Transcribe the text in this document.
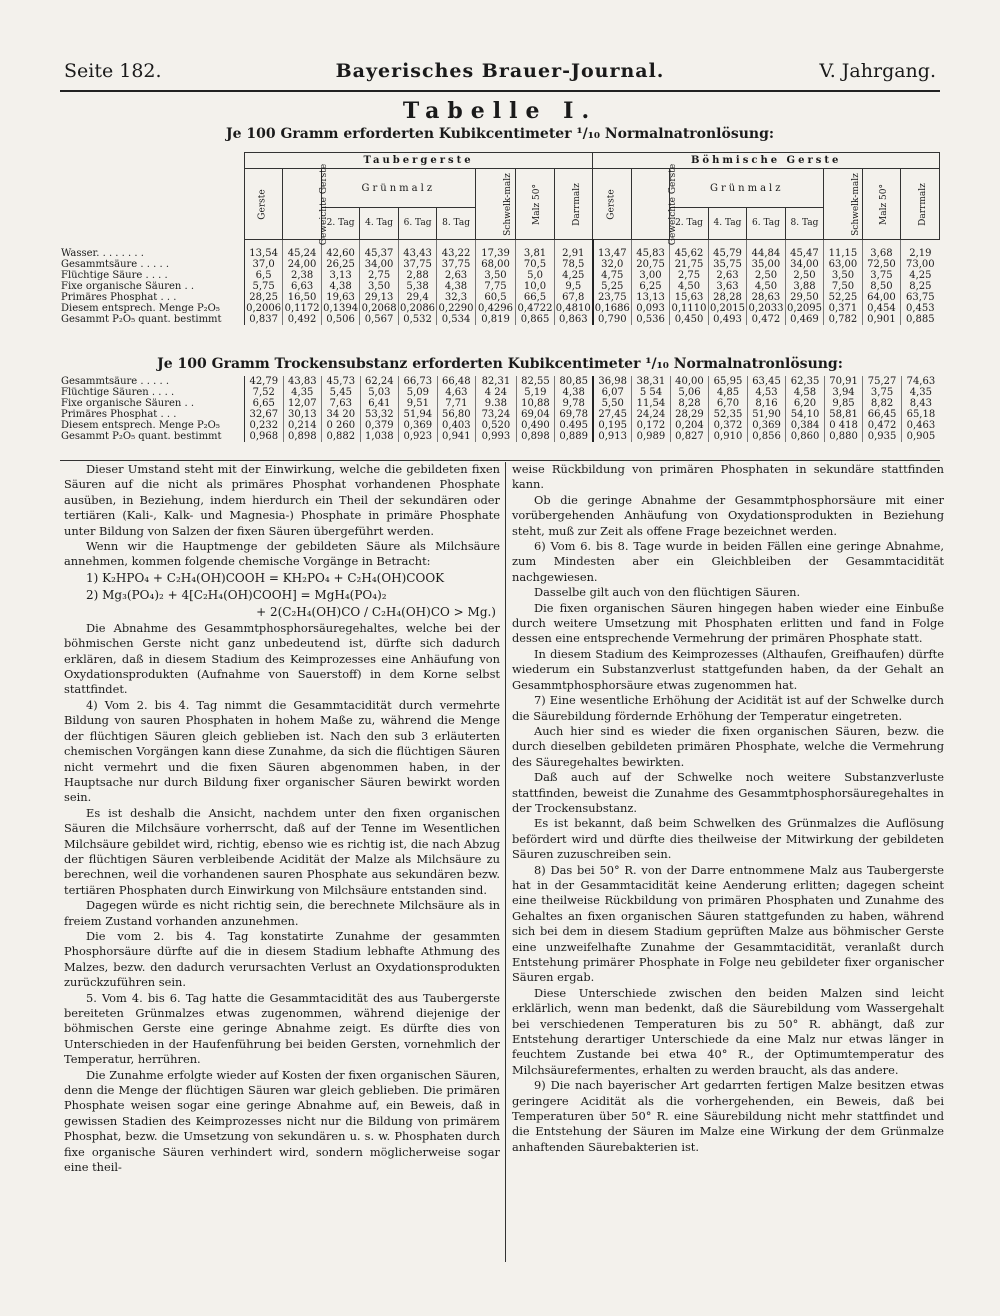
Seite 182.	Bayerisches Brauer-Journal.	V. Jahrgang.
Tabelle I.
Je 100 Gramm erforderten Kubikcentimeter ¹/₁₀ Normalnatronlösung:
	Taubergerste									Böhmische Gerste								
	Gerste	Geweichte Gerste	Grünmalz				Schwelk-malz	Malz 50°	Darrmalz	Gerste	Geweichte Gerste	Grünmalz				Schwelk-malz	Malz 50°	Darrmalz
			2. Tag	4. Tag	6. Tag	8. Tag						2. Tag	4. Tag	6. Tag	8. Tag			
Wasser. . . . . . . .	13,54	45,24	42,60	45,37	43,43	43,22	17,39	3,81	2,91	13,47	45,83	45,62	45,79	44,84	45,47	11,15	3,68	2,19
Gesammtsäure . . . . .	37,0	24,00	26,25	34,00	37,75	37,75	68,00	70,5	78,5	32,0	20,75	21,75	35,75	35,00	34,00	63,00	72,50	73,00
Flüchtige Säure . . . .	6,5	2,38	3,13	2,75	2,88	2,63	3,50	5,0	4,25	4,75	3,00	2,75	2,63	2,50	2,50	3,50	3,75	4,25
Fixe organische Säuren . .	5,75	6,63	4,38	3,50	5,38	4,38	7,75	10,0	9,5	5,25	6,25	4,50	3,63	4,50	3,88	7,50	8,50	8,25
Primäres Phosphat . . .	28,25	16,50	19,63	29,13	29,4	32,3	60,5	66,5	67,8	23,75	13,13	15,63	28,28	28,63	29,50	52,25	64,00	63,75
Diesem entsprech. Menge P₂O₅	0,2006	0,1172	0,1394	0,2068	0,2086	0,2290	0,4296	0,4722	0,4810	0,1686	0,093	0,1110	0,2015	0,2033	0,2095	0,371	0,454	0,453
Gesammt P₂O₅ quant. bestimmt	0,837	0,492	0,506	0,567	0,532	0,534	0,819	0,865	0,863	0,790	0,536	0,450	0,493	0,472	0,469	0,782	0,901	0,885
Je 100 Gramm Trockensubstanz erforderten Kubikcentimeter ¹/₁₀ Normalnatronlösung:
Gesammtsäure . . . . .	42,79	43,83	45,73	62,24	66,73	66,48	82,31	82,55	80,85	36,98	38,31	40,00	65,95	63,45	62,35	70,91	75,27	74,63
Flüchtige Säuren . . . .	7,52	4,35	5,45	5,03	5,09	4,63	4 24	5,19	4,38	6,07	5 54	5,06	4,85	4,53	4,58	3,94	3,75	4,35
Fixe organische Säuren . .	6,65	12,07	7,63	6,41	9,51	7,71	9.38	10,88	9,78	5,50	11,54	8,28	6,70	8,16	6,20	9,85	8,82	8,43
Primäres Phosphat . . .	32,67	30,13	34 20	53,32	51,94	56,80	73,24	69,04	69,78	27,45	24,24	28,29	52,35	51,90	54,10	58,81	66,45	65,18
Diesem entsprech. Menge P₂O₅	0,232	0,214	0 260	0,379	0,369	0,403	0,520	0,490	0.495	0,195	0,172	0,204	0,372	0,369	0,384	0 418	0,472	0,463
Gesammt P₂O₅ quant. bestimmt	0,968	0,898	0,882	1,038	0,923	0,941	0,993	0,898	0,889	0,913	0,989	0,827	0,910	0,856	0,860	0,880	0,935	0,905

Dieser Umstand steht mit der Einwirkung, welche die gebildeten fixen Säuren auf die nicht als primäres Phosphat vorhandenen Phosphate ausüben, in Beziehung, indem hierdurch ein Theil der sekundären oder tertiären (Kali-, Kalk- und Magnesia-) Phosphate in primäre Phosphate unter Bildung von Salzen der fixen Säuren übergeführt werden.

Wenn wir die Hauptmenge der gebildeten Säure als Milchsäure annehmen, kommen folgende chemische Vorgänge in Betracht:

1) K₂HPO₄ + C₂H₄(OH)COOH = KH₂PO₄ + C₂H₄(OH)COOK

2) Mg₃(PO₄)₂ + 4[C₂H₄(OH)COOH] = MgH₄(PO₄)₂

+ 2(C₂H₄(OH)CO / C₂H₄(OH)CO > Mg.)

Die Abnahme des Gesammtphosphorsäuregehaltes, welche bei der böhmischen Gerste nicht ganz unbedeutend ist, dürfte sich dadurch erklären, daß in diesem Stadium des Keimprozesses eine Anhäufung von Oxydationsprodukten (Aufnahme von Sauerstoff) in dem Korne selbst stattfindet.

4) Vom 2. bis 4. Tag nimmt die Gesammtacidität durch vermehrte Bildung von sauren Phosphaten in hohem Maße zu, während die Menge der flüchtigen Säuren gleich geblieben ist. Nach den sub 3 erläuterten chemischen Vorgängen kann diese Zunahme, da sich die flüchtigen Säuren nicht vermehrt und die fixen Säuren abgenommen haben, in der Hauptsache nur durch Bildung fixer organischer Säuren bewirkt worden sein.

Es ist deshalb die Ansicht, nachdem unter den fixen organischen Säuren die Milchsäure vorherrscht, daß auf der Tenne im Wesentlichen Milchsäure gebildet wird, richtig, ebenso wie es richtig ist, die nach Abzug der flüchtigen Säuren verbleibende Acidität der Malze als Milchsäure zu berechnen, weil die vorhandenen sauren Phosphate aus sekundären bezw. tertiären Phosphaten durch Einwirkung von Milchsäure entstanden sind.

Dagegen würde es nicht richtig sein, die berechnete Milchsäure als in freiem Zustand vorhanden anzunehmen.

Die vom 2. bis 4. Tag konstatirte Zunahme der gesammten Phosphorsäure dürfte auf die in diesem Stadium lebhafte Athmung des Malzes, bezw. den dadurch verursachten Verlust an Oxydationsprodukten zurückzuführen sein.

5. Vom 4. bis 6. Tag hatte die Gesammtacidität des aus Taubergerste bereiteten Grünmalzes etwas zugenommen, während diejenige der böhmischen Gerste eine geringe Abnahme zeigt. Es dürfte dies von Unterschieden in der Haufenführung bei beiden Gersten, vornehmlich der Temperatur, herrühren.

Die Zunahme erfolgte wieder auf Kosten der fixen organischen Säuren, denn die Menge der flüchtigen Säuren war gleich geblieben. Die primären Phosphate weisen sogar eine geringe Abnahme auf, ein Beweis, daß in gewissen Stadien des Keimprozesses nicht nur die Bildung von primärem Phosphat, bezw. die Umsetzung von sekundären u. s. w. Phosphaten durch fixe organische Säuren verhindert wird, sondern möglicherweise sogar eine theil-

weise Rückbildung von primären Phosphaten in sekundäre stattfinden kann.

Ob die geringe Abnahme der Gesammtphosphorsäure mit einer vorübergehenden Anhäufung von Oxydationsprodukten in Beziehung steht, muß zur Zeit als offene Frage bezeichnet werden.

6) Vom 6. bis 8. Tage wurde in beiden Fällen eine geringe Abnahme, zum Mindesten aber ein Gleichbleiben der Gesammtacidität nachgewiesen.

Dasselbe gilt auch von den flüchtigen Säuren.

Die fixen organischen Säuren hingegen haben wieder eine Einbuße durch weitere Umsetzung mit Phosphaten erlitten und fand in Folge dessen eine entsprechende Vermehrung der primären Phosphate statt.

In diesem Stadium des Keimprozesses (Althaufen, Greifhaufen) dürfte wiederum ein Substanzverlust stattgefunden haben, da der Gehalt an Gesammtphosphorsäure etwas zugenommen hat.

7) Eine wesentliche Erhöhung der Acidität ist auf der Schwelke durch die Säurebildung fördernde Erhöhung der Temperatur eingetreten.

Auch hier sind es wieder die fixen organischen Säuren, bezw. die durch dieselben gebildeten primären Phosphate, welche die Vermehrung des Säuregehaltes bewirkten.

Daß auch auf der Schwelke noch weitere Substanzverluste stattfinden, beweist die Zunahme des Gesammtphosphorsäuregehaltes in der Trockensubstanz.

Es ist bekannt, daß beim Schwelken des Grünmalzes die Auflösung befördert wird und dürfte dies theilweise der Mitwirkung der gebildeten Säuren zuzuschreiben sein.

8) Das bei 50° R. von der Darre entnommene Malz aus Taubergerste hat in der Gesammtacidität keine Aenderung erlitten; dagegen scheint eine theilweise Rückbildung von primären Phosphaten und Zunahme des Gehaltes an fixen organischen Säuren stattgefunden zu haben, während sich bei dem in diesem Stadium geprüften Malze aus böhmischer Gerste eine unzweifelhafte Zunahme der Gesammtacidität, veranlaßt durch Entstehung primärer Phosphate in Folge neu gebildeter fixer organischer Säuren ergab.

Diese Unterschiede zwischen den beiden Malzen sind leicht erklärlich, wenn man bedenkt, daß die Säurebildung vom Wassergehalt bei verschiedenen Temperaturen bis zu 50° R. abhängt, daß zur Entstehung derartiger Unterschiede da eine Malz nur etwas länger in feuchtem Zustande bei etwa 40° R., der Optimumtemperatur des Milchsäurefermentes, erhalten zu werden braucht, als das andere.

9) Die nach bayerischer Art gedarrten fertigen Malze besitzen etwas geringere Acidität als die vorhergehenden, ein Beweis, daß bei Temperaturen über 50° R. eine Säurebildung nicht mehr stattfindet und die Entstehung der Säuren im Malze eine Wirkung der dem Grünmalze anhaftenden Säurebakterien ist.
